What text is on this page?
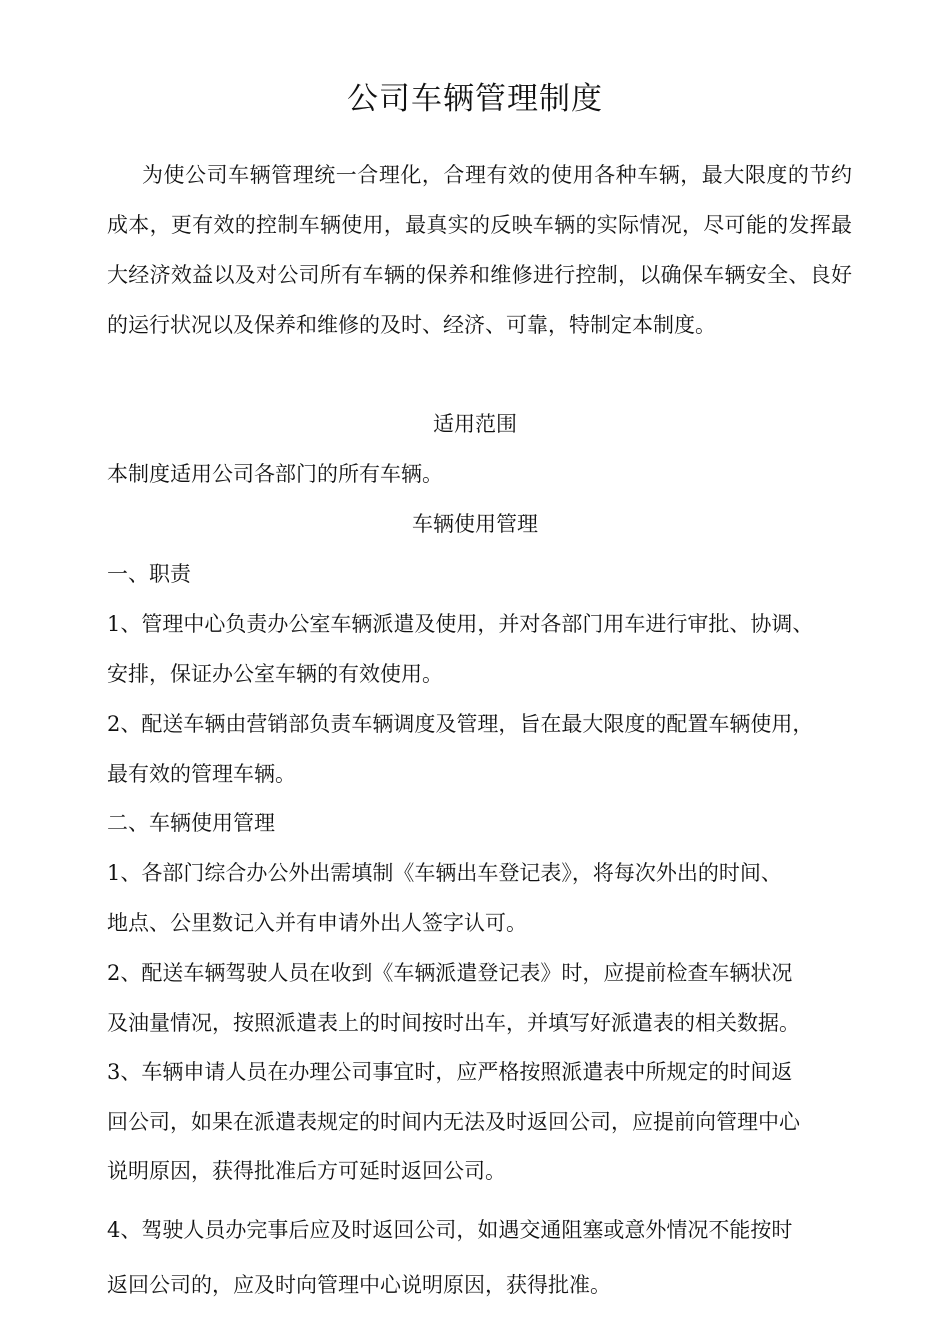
公司车辆管理制度

为使公司车辆管理统一合理化，合理有效的使用各种车辆，最大限度的节约成本，更有效的控制车辆使用，最真实的反映车辆的实际情况，尽可能的发挥最大经济效益以及对公司所有车辆的保养和维修进行控制，以确保车辆安全、良好的运行状况以及保养和维修的及时、经济、可靠，特制定本制度。

适用范围
本制度适用公司各部门的所有车辆。
车辆使用管理
一、职责
1、管理中心负责办公室车辆派遣及使用，并对各部门用车进行审批、协调、
安排，保证办公室车辆的有效使用。
2、配送车辆由营销部负责车辆调度及管理，旨在最大限度的配置车辆使用，
最有效的管理车辆。
二、车辆使用管理
1、各部门综合办公外出需填制《车辆出车登记表》，将每次外出的时间、
地点、公里数记入并有申请外出人签字认可。
2、配送车辆驾驶人员在收到《车辆派遣登记表》时，应提前检查车辆状况
及油量情况，按照派遣表上的时间按时出车，并填写好派遣表的相关数据。
3、车辆申请人员在办理公司事宜时，应严格按照派遣表中所规定的时间返
回公司，如果在派遣表规定的时间内无法及时返回公司，应提前向管理中心
说明原因，获得批准后方可延时返回公司。
4、驾驶人员办完事后应及时返回公司，如遇交通阻塞或意外情况不能按时
返回公司的，应及时向管理中心说明原因，获得批准。
